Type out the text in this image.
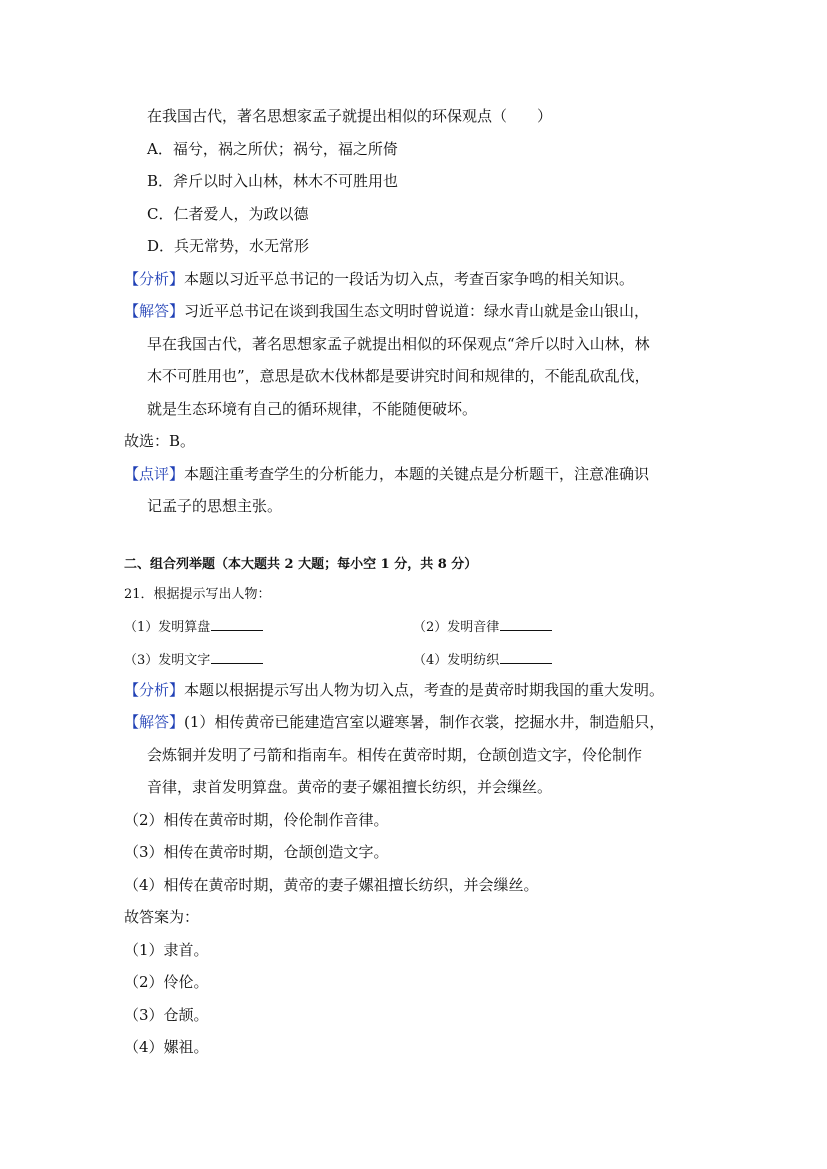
在我国古代，著名思想家孟子就提出相似的环保观点（　　）
A．福兮，祸之所伏；祸兮，福之所倚
B．斧斤以时入山林，林木不可胜用也
C．仁者爱人，为政以德
D．兵无常势，水无常形
【分析】本题以习近平总书记的一段话为切入点，考查百家争鸣的相关知识。
【解答】习近平总书记在谈到我国生态文明时曾说道：绿水青山就是金山银山，
早在我国古代，著名思想家孟子就提出相似的环保观点“斧斤以时入山林，林
木不可胜用也”，意思是砍木伐林都是要讲究时间和规律的，不能乱砍乱伐，
就是生态环境有自己的循环规律，不能随便破坏。
故选：B。
【点评】本题注重考查学生的分析能力，本题的关键点是分析题干，注意准确识
记孟子的思想主张。
二、组合列举题（本大题共 2 大题；每小空 1 分，共 8 分）
21．根据提示写出人物：
（1）发明算盘	（2）发明音律
（3）发明文字	（4）发明纺织
【分析】本题以根据提示写出人物为切入点，考查的是黄帝时期我国的重大发明。
【解答】(1）相传黄帝已能建造宫室以避寒暑，制作衣裳，挖掘水井，制造船只，
会炼铜并发明了弓箭和指南车。相传在黄帝时期，仓颉创造文字，伶伦制作
音律，隶首发明算盘。黄帝的妻子嫘祖擅长纺织，并会缫丝。
（2）相传在黄帝时期，伶伦制作音律。
（3）相传在黄帝时期，仓颉创造文字。
（4）相传在黄帝时期，黄帝的妻子嫘祖擅长纺织，并会缫丝。
故答案为：
（1）隶首。
（2）伶伦。
（3）仓颉。
（4）嫘祖。
